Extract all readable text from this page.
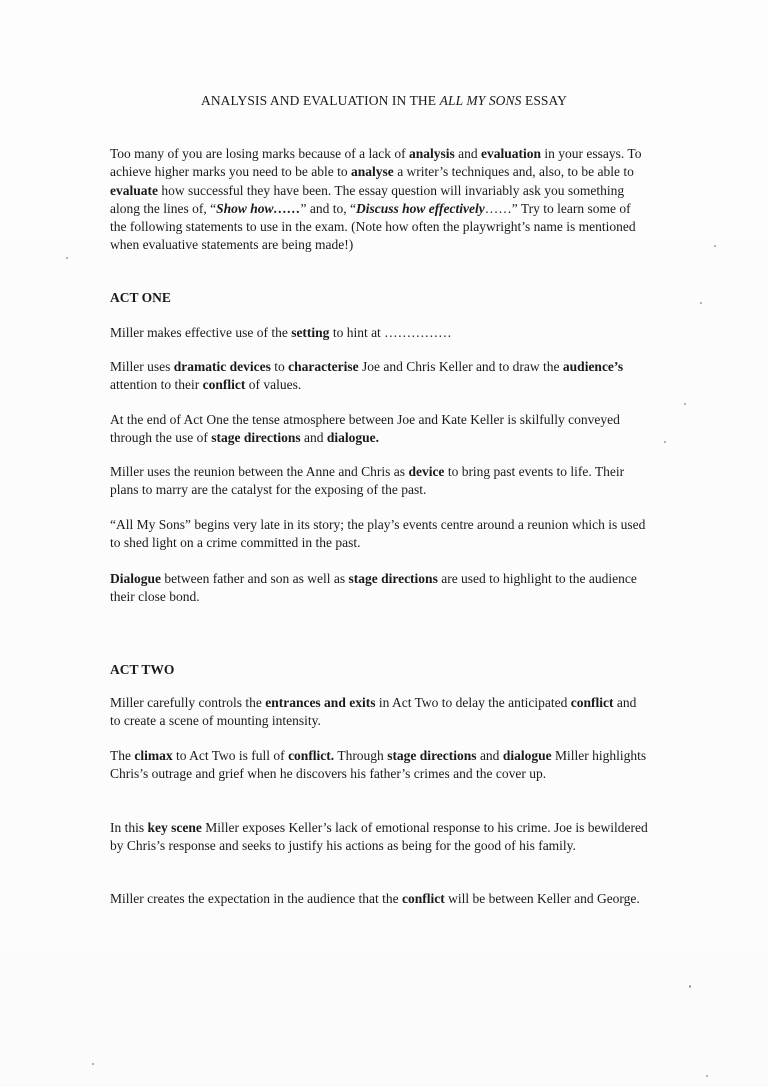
ANALYSIS AND EVALUATION IN THE ALL MY SONS ESSAY
Too many of you are losing marks because of a lack of analysis and evaluation in your essays. To achieve higher marks you need to be able to analyse a writer’s techniques and, also, to be able to evaluate how successful they have been. The essay question will invariably ask you something along the lines of, “Show how……” and to, “Discuss how effectively……” Try to learn some of the following statements to use in the exam. (Note how often the playwright’s name is mentioned when evaluative statements are being made!)
ACT ONE
Miller makes effective use of the setting to hint at ……………
Miller uses dramatic devices to characterise Joe and Chris Keller and to draw the audience’s attention to their conflict of values.
At the end of Act One the tense atmosphere between Joe and Kate Keller is skilfully conveyed through the use of stage directions and dialogue.
Miller uses the reunion between the Anne and Chris as device to bring past events to life. Their plans to marry are the catalyst for the exposing of the past.
“All My Sons” begins very late in its story; the play’s events centre around a reunion which is used to shed light on a crime committed in the past.
Dialogue between father and son as well as stage directions are used to highlight to the audience their close bond.
ACT TWO
Miller carefully controls the entrances and exits in Act Two to delay the anticipated conflict and to create a scene of mounting intensity.
The climax to Act Two is full of conflict. Through stage directions and dialogue Miller highlights Chris’s outrage and grief when he discovers his father’s crimes and the cover up.
In this key scene Miller exposes Keller’s lack of emotional response to his crime. Joe is bewildered by Chris’s response and seeks to justify his actions as being for the good of his family.
Miller creates the expectation in the audience that the conflict will be between Keller and George.
